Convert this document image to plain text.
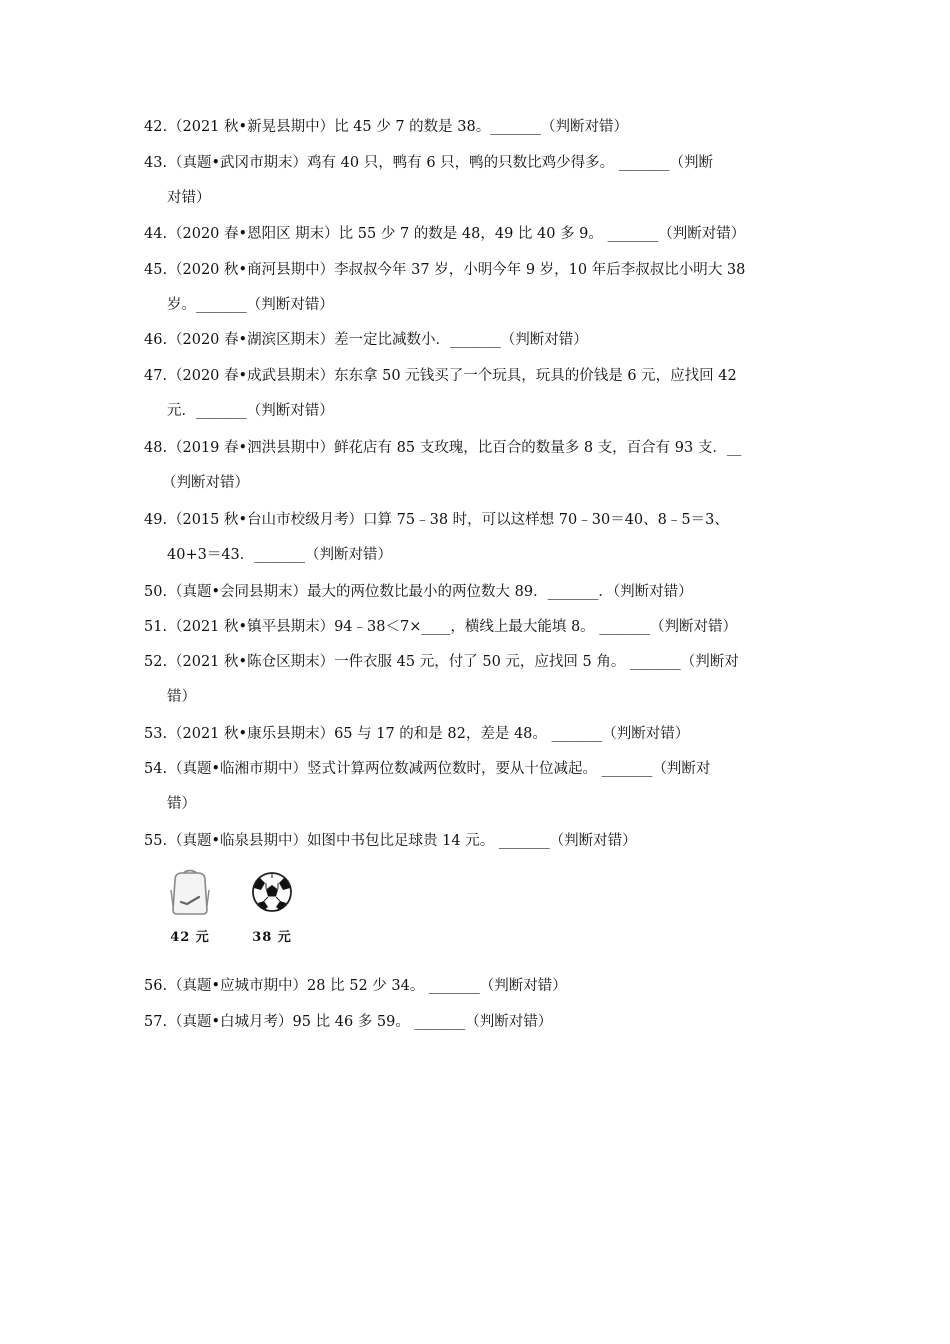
42.（2021 秋•新晃县期中）比 45 少 7 的数是 38。_______（判断对错）
43.（真题•武冈市期末）鸡有 40 只，鸭有 6 只，鸭的只数比鸡少得多。 _______（判断
对错）
44.（2020 春•恩阳区 期末）比 55 少 7 的数是 48，49 比 40 多 9。 _______（判断对错）
45.（2020 秋•商河县期中）李叔叔今年 37 岁，小明今年 9 岁，10 年后李叔叔比小明大 38
岁。_______（判断对错）
46.（2020 春•湖滨区期末）差一定比减数小．_______（判断对错）
47.（2020 春•成武县期末）东东拿 50 元钱买了一个玩具，玩具的价钱是 6 元，应找回 42
元．_______（判断对错）
48.（2019 春•泗洪县期中）鲜花店有 85 支玫瑰，比百合的数量多 8 支，百合有 93 支．__
（判断对错）
49.（2015 秋•台山市校级月考）口算 75﹣38 时，可以这样想 70﹣30＝40、8﹣5＝3、
40+3＝43．_______（判断对错）
50.（真题•会同县期末）最大的两位数比最小的两位数大 89．_______．（判断对错）
51.（2021 秋•镇平县期末）94﹣38＜7×____，横线上最大能填 8。 _______（判断对错）
52.（2021 秋•陈仓区期末）一件衣服 45 元，付了 50 元，应找回 5 角。 _______（判断对
错）
53.（2021 秋•康乐县期末）65 与 17 的和是 82，差是 48。 _______（判断对错）
54.（真题•临湘市期中）竖式计算两位数减两位数时，要从十位减起。 _______（判断对
错）
55.（真题•临泉县期中）如图中书包比足球贵 14 元。 _______（判断对错）
42 元	38 元
56.（真题•应城市期中）28 比 52 少 34。 _______（判断对错）
57.（真题•白城月考）95 比 46 多 59。 _______（判断对错）
